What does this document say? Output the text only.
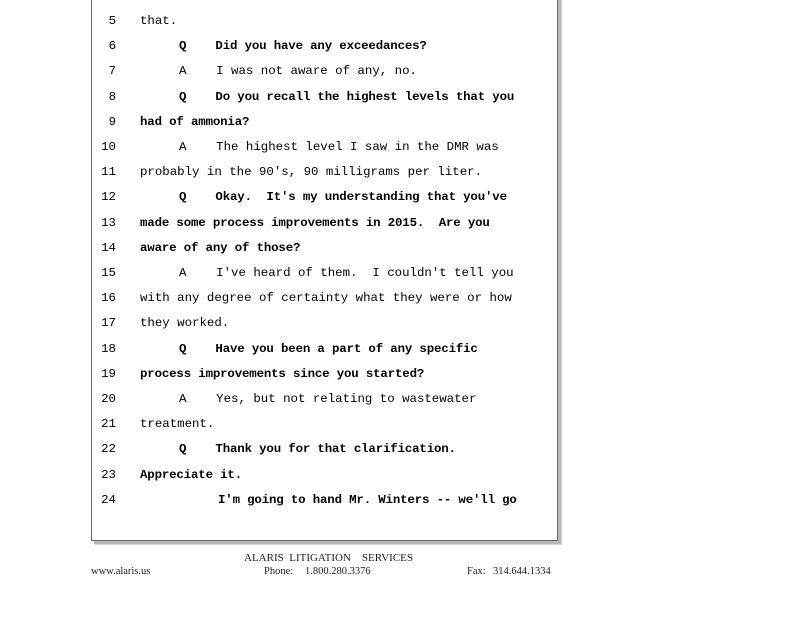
5 that.
6	Q    Did you have any exceedances?
7	A    I was not aware of any, no.
8	Q    Do you recall the highest levels that you
9 had of ammonia?
10	A    The highest level I saw in the DMR was
11 probably in the 90's, 90 milligrams per liter.
12	Q    Okay.  It's my understanding that you've
13 made some process improvements in 2015.  Are you
14 aware of any of those?
15	A    I've heard of them.  I couldn't tell you
16 with any degree of certainty what they were or how
17 they worked.
18	Q    Have you been a part of any specific
19 process improvements since you started?
20	A    Yes, but not relating to wastewater
21 treatment.
22	Q    Thank you for that clarification.
23 Appreciate it.
24	I'm going to hand Mr. Winters -- we'll go
ALARIS  LITIGATION    SERVICES
www.alaris.us	Phone: 1.800.280.3376	Fax: 314.644.1334
